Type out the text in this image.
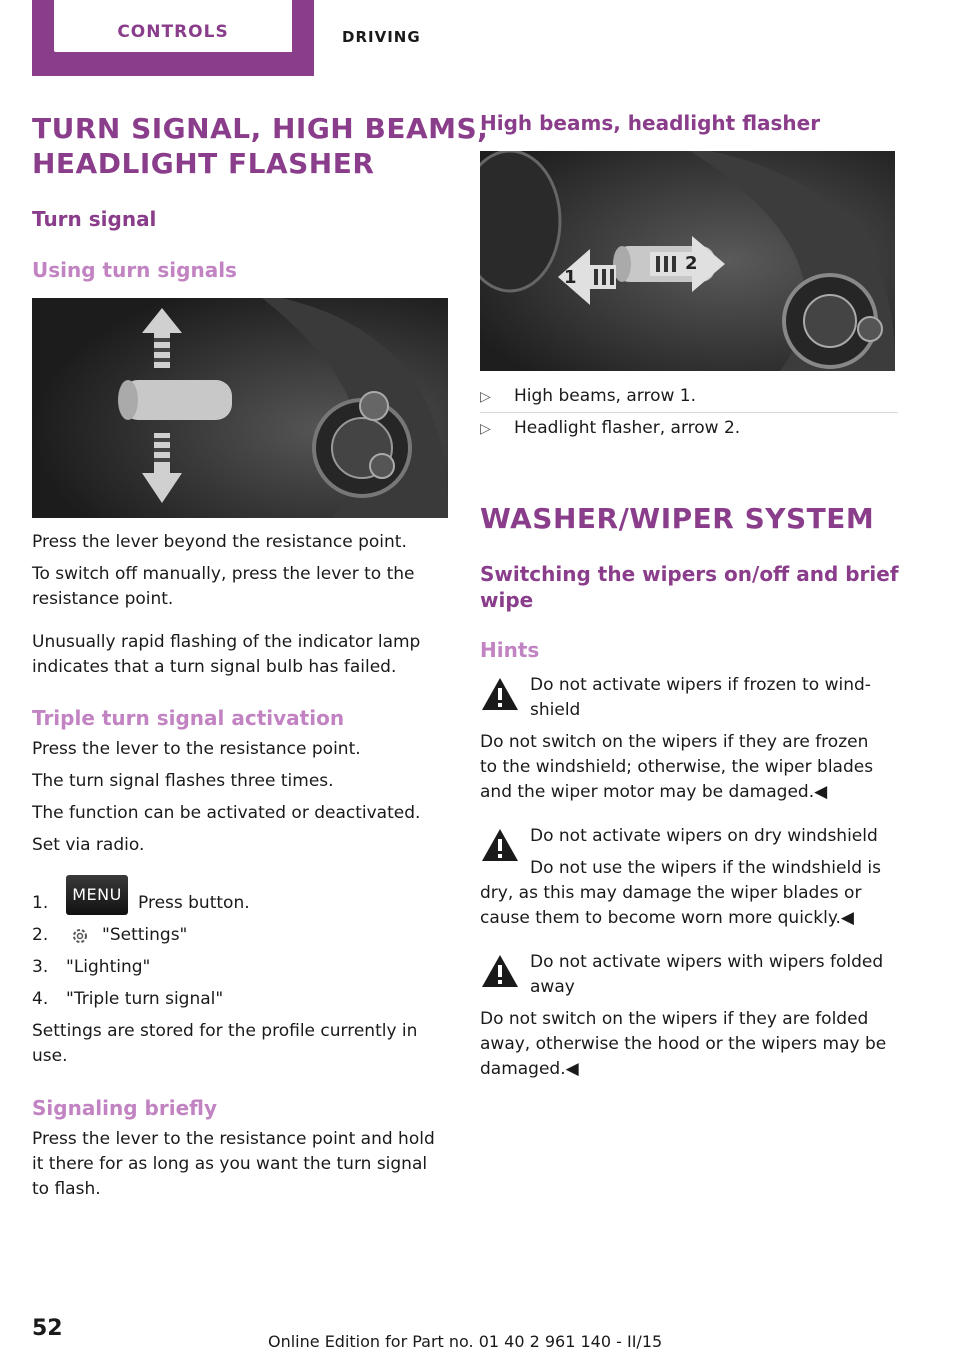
CONTROLS	DRIVING
TURN SIGNAL, HIGH BEAMS,
HEADLIGHT FLASHER
Turn signal
Using turn signals
Press the lever beyond the resistance point.
To switch off manually, press the lever to the
resistance point.
Unusually rapid flashing of the indicator lamp
indicates that a turn signal bulb has failed.
Triple turn signal activation
Press the lever to the resistance point.
The turn signal flashes three times.
The function can be activated or deactivated.
Set via radio.
1.	MENU Press button.
2.	"Settings"
3.	"Lighting"
4.	"Triple turn signal"
Settings are stored for the profile currently in
use.
Signaling briefly
Press the lever to the resistance point and hold
it there for as long as you want the turn signal
to flash.
High beams, headlight flasher
1
2
▷ High beams, arrow 1.
▷ Headlight flasher, arrow 2.
WASHER/WIPER SYSTEM
Switching the wipers on/off and brief
wipe
Hints
Do not activate wipers if frozen to wind‐
shield
Do not switch on the wipers if they are frozen
to the windshield; otherwise, the wiper blades
and the wiper motor may be damaged.◀
Do not activate wipers on dry windshield
Do not use the wipers if the windshield is
dry, as this may damage the wiper blades or
cause them to become worn more quickly.◀
Do not activate wipers with wipers folded
away
Do not switch on the wipers if they are folded
away, otherwise the hood or the wipers may be
damaged.◀
52
Online Edition for Part no. 01 40 2 961 140 - II/15
